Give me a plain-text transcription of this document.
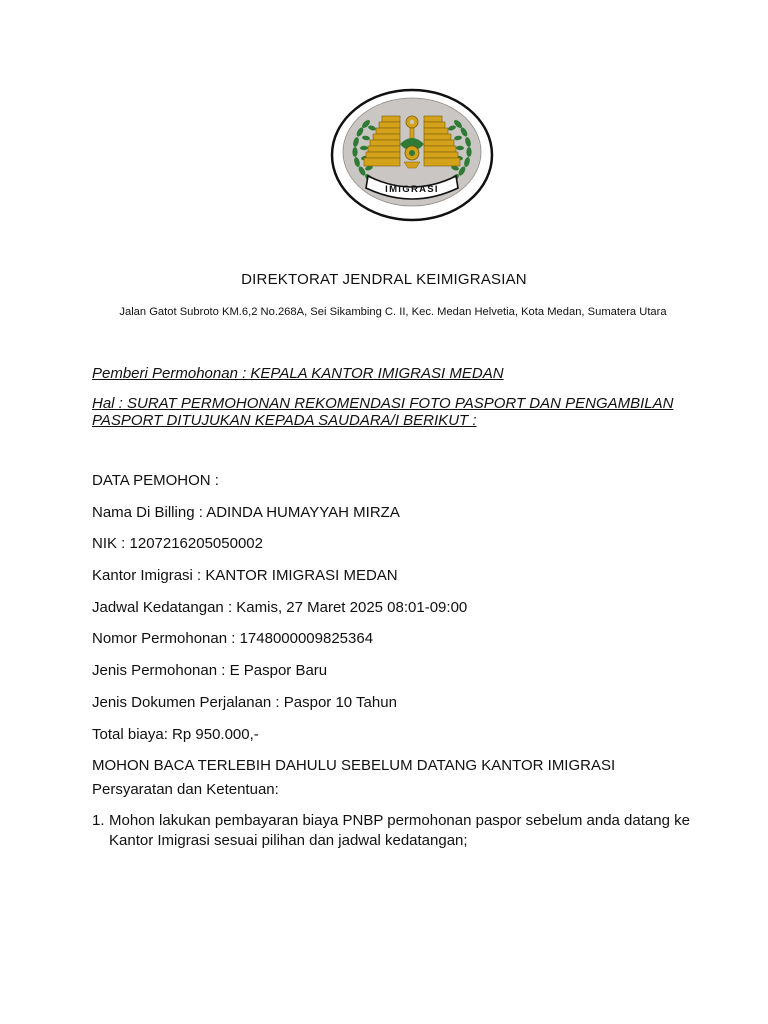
IMIGRASI
DIREKTORAT JENDRAL KEIMIGRASIAN
Jalan Gatot Subroto KM.6,2 No.268A, Sei Sikambing C. II, Kec. Medan Helvetia, Kota Medan, Sumatera Utara
Pemberi Permohonan : KEPALA KANTOR IMIGRASI MEDAN
Hal : SURAT PERMOHONAN REKOMENDASI FOTO PASPORT DAN PENGAMBILAN PASPORT DITUJUKAN KEPADA SAUDARA/I BERIKUT :
DATA PEMOHON :
Nama Di Billing : ADINDA HUMAYYAH MIRZA
NIK : 1207216205050002
Kantor Imigrasi : KANTOR IMIGRASI MEDAN
Jadwal Kedatangan : Kamis, 27 Maret 2025 08:01-09:00
Nomor Permohonan : 1748000009825364
Jenis Permohonan : E Paspor Baru
Jenis Dokumen Perjalanan : Paspor 10 Tahun
Total biaya: Rp 950.000,-
MOHON BACA TERLEBIH DAHULU SEBELUM DATANG KANTOR IMIGRASI
Persyaratan dan Ketentuan:
1. Mohon lakukan pembayaran biaya PNBP permohonan paspor sebelum anda datang ke Kantor Imigrasi sesuai pilihan dan jadwal kedatangan;
